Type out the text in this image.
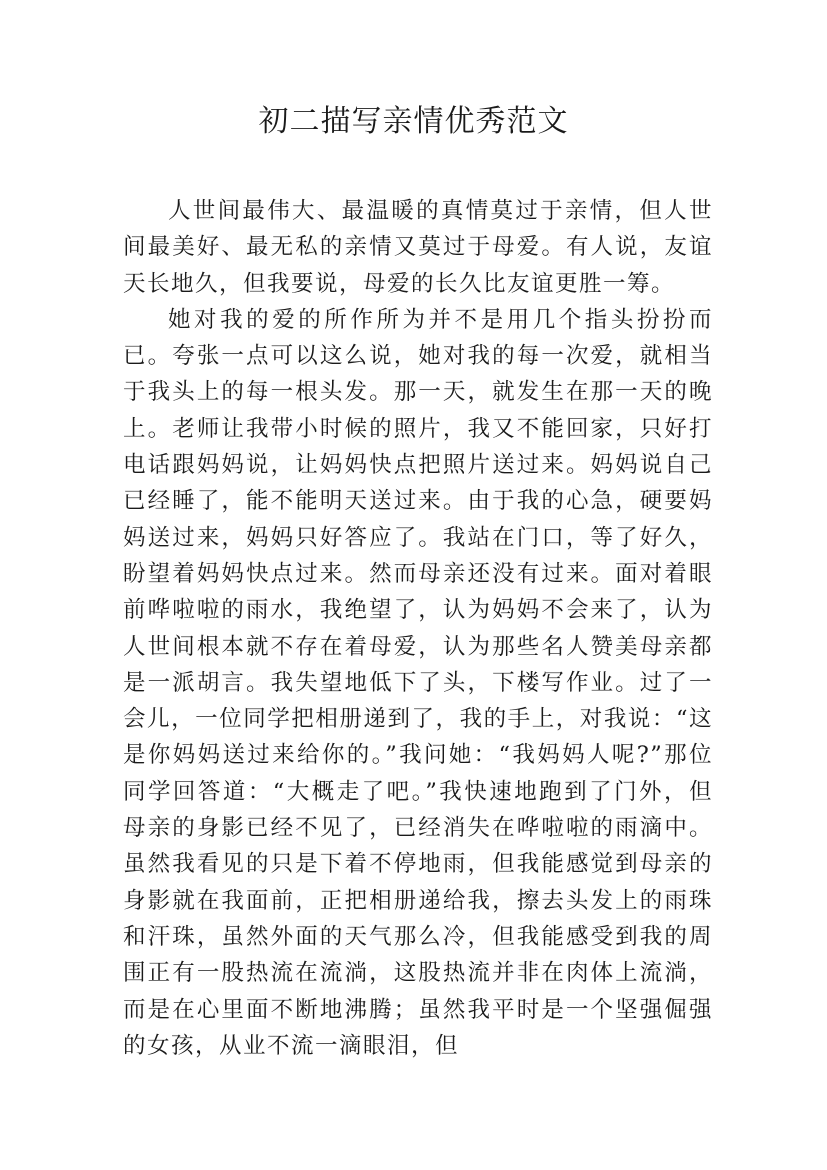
初二描写亲情优秀范文

人世间最伟大、最温暖的真情莫过于亲情，但人世间最美好、最无私的亲情又莫过于母爱。有人说，友谊天长地久，但我要说，母爱的长久比友谊更胜一筹。

她对我的爱的所作所为并不是用几个指头扮扮而已。夸张一点可以这么说，她对我的每一次爱，就相当于我头上的每一根头发。那一天，就发生在那一天的晚上。老师让我带小时候的照片，我又不能回家，只好打电话跟妈妈说，让妈妈快点把照片送过来。妈妈说自己已经睡了，能不能明天送过来。由于我的心急，硬要妈妈送过来，妈妈只好答应了。我站在门口，等了好久，盼望着妈妈快点过来。然而母亲还没有过来。面对着眼前哗啦啦的雨水，我绝望了，认为妈妈不会来了，认为人世间根本就不存在着母爱，认为那些名人赞美母亲都是一派胡言。我失望地低下了头，下楼写作业。过了一会儿，一位同学把相册递到了，我的手上，对我说：“这是你妈妈送过来给你的。”我问她：“我妈妈人呢?”那位同学回答道：“大概走了吧。”我快速地跑到了门外，但母亲的身影已经不见了，已经消失在哗啦啦的雨滴中。虽然我看见的只是下着不停地雨，但我能感觉到母亲的身影就在我面前，正把相册递给我，擦去头发上的雨珠和汗珠，虽然外面的天气那么冷，但我能感受到我的周围正有一股热流在流淌，这股热流并非在肉体上流淌，而是在心里面不断地沸腾；虽然我平时是一个坚强倔强的女孩，从业不流一滴眼泪，但
